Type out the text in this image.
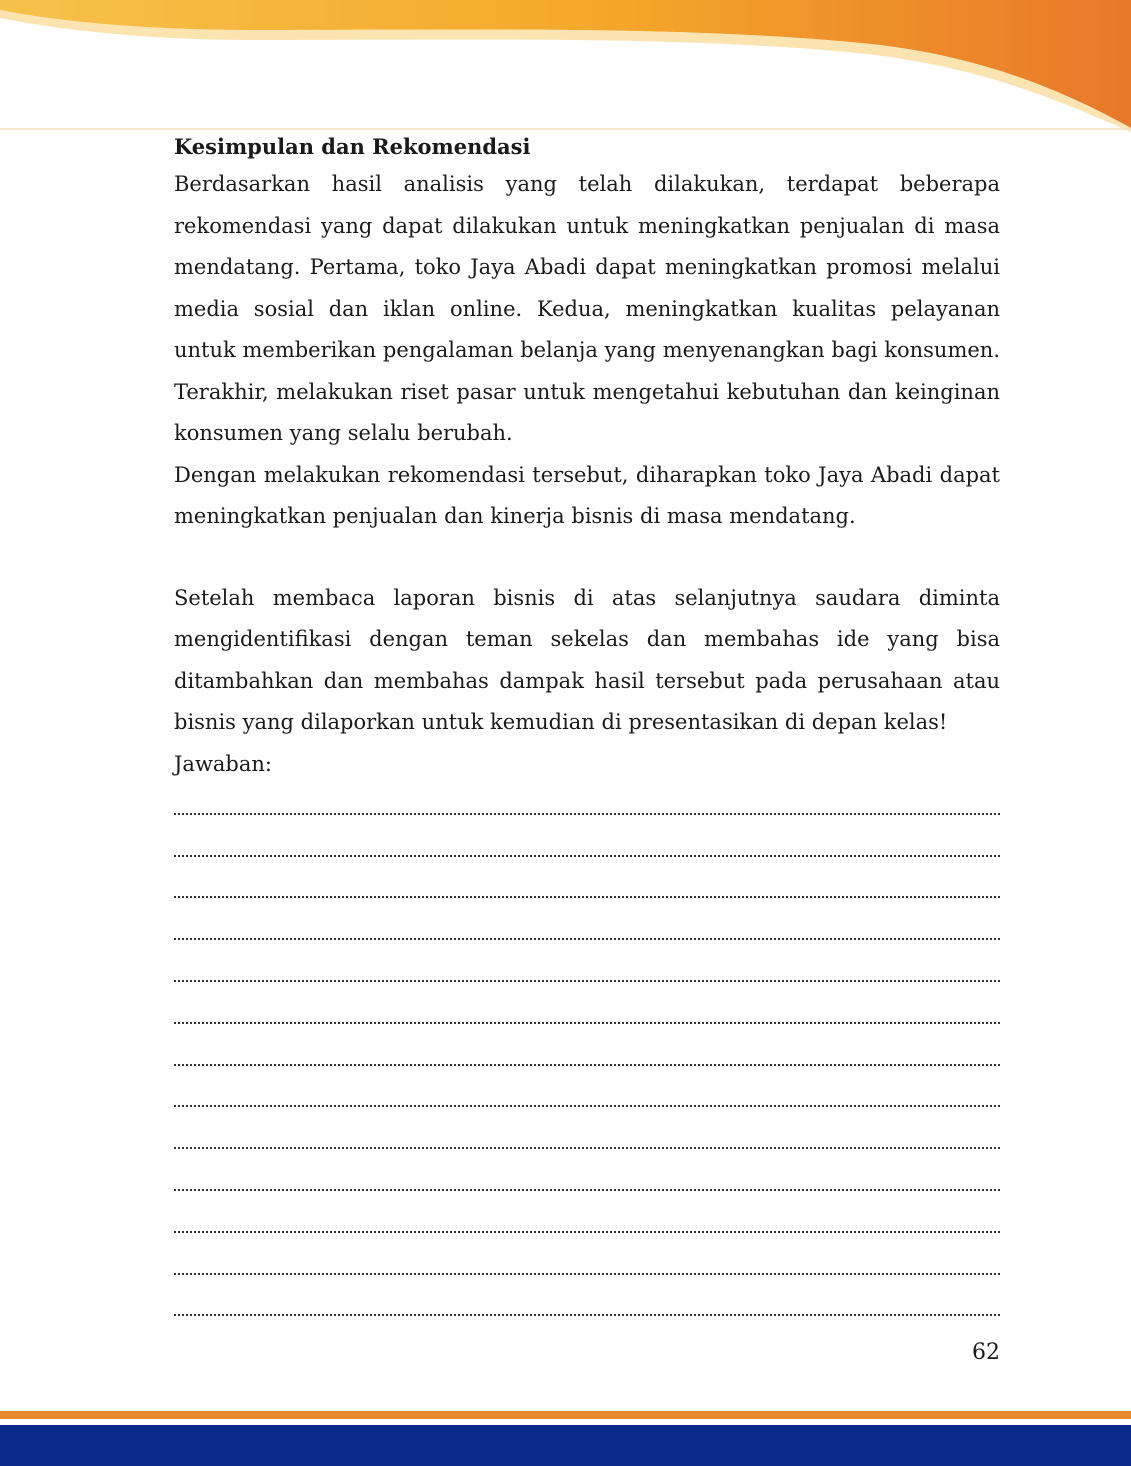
Kesimpulan dan Rekomendasi

Berdasarkan hasil analisis yang telah dilakukan, terdapat beberapa rekomendasi yang dapat dilakukan untuk meningkatkan penjualan di masa mendatang. Pertama, toko Jaya Abadi dapat meningkatkan promosi melalui media sosial dan iklan online. Kedua, meningkatkan kualitas pelayanan untuk memberikan pengalaman belanja yang menyenangkan bagi konsumen. Terakhir, melakukan riset pasar untuk mengetahui kebutuhan dan keinginan konsumen yang selalu berubah.

Dengan melakukan rekomendasi tersebut, diharapkan toko Jaya Abadi dapat meningkatkan penjualan dan kinerja bisnis di masa mendatang.

Setelah membaca laporan bisnis di atas selanjutnya saudara diminta mengidentifikasi dengan teman sekelas dan membahas ide yang bisa ditambahkan dan membahas dampak hasil tersebut pada perusahaan atau bisnis yang dilaporkan untuk kemudian di presentasikan di depan kelas!

Jawaban:

62
